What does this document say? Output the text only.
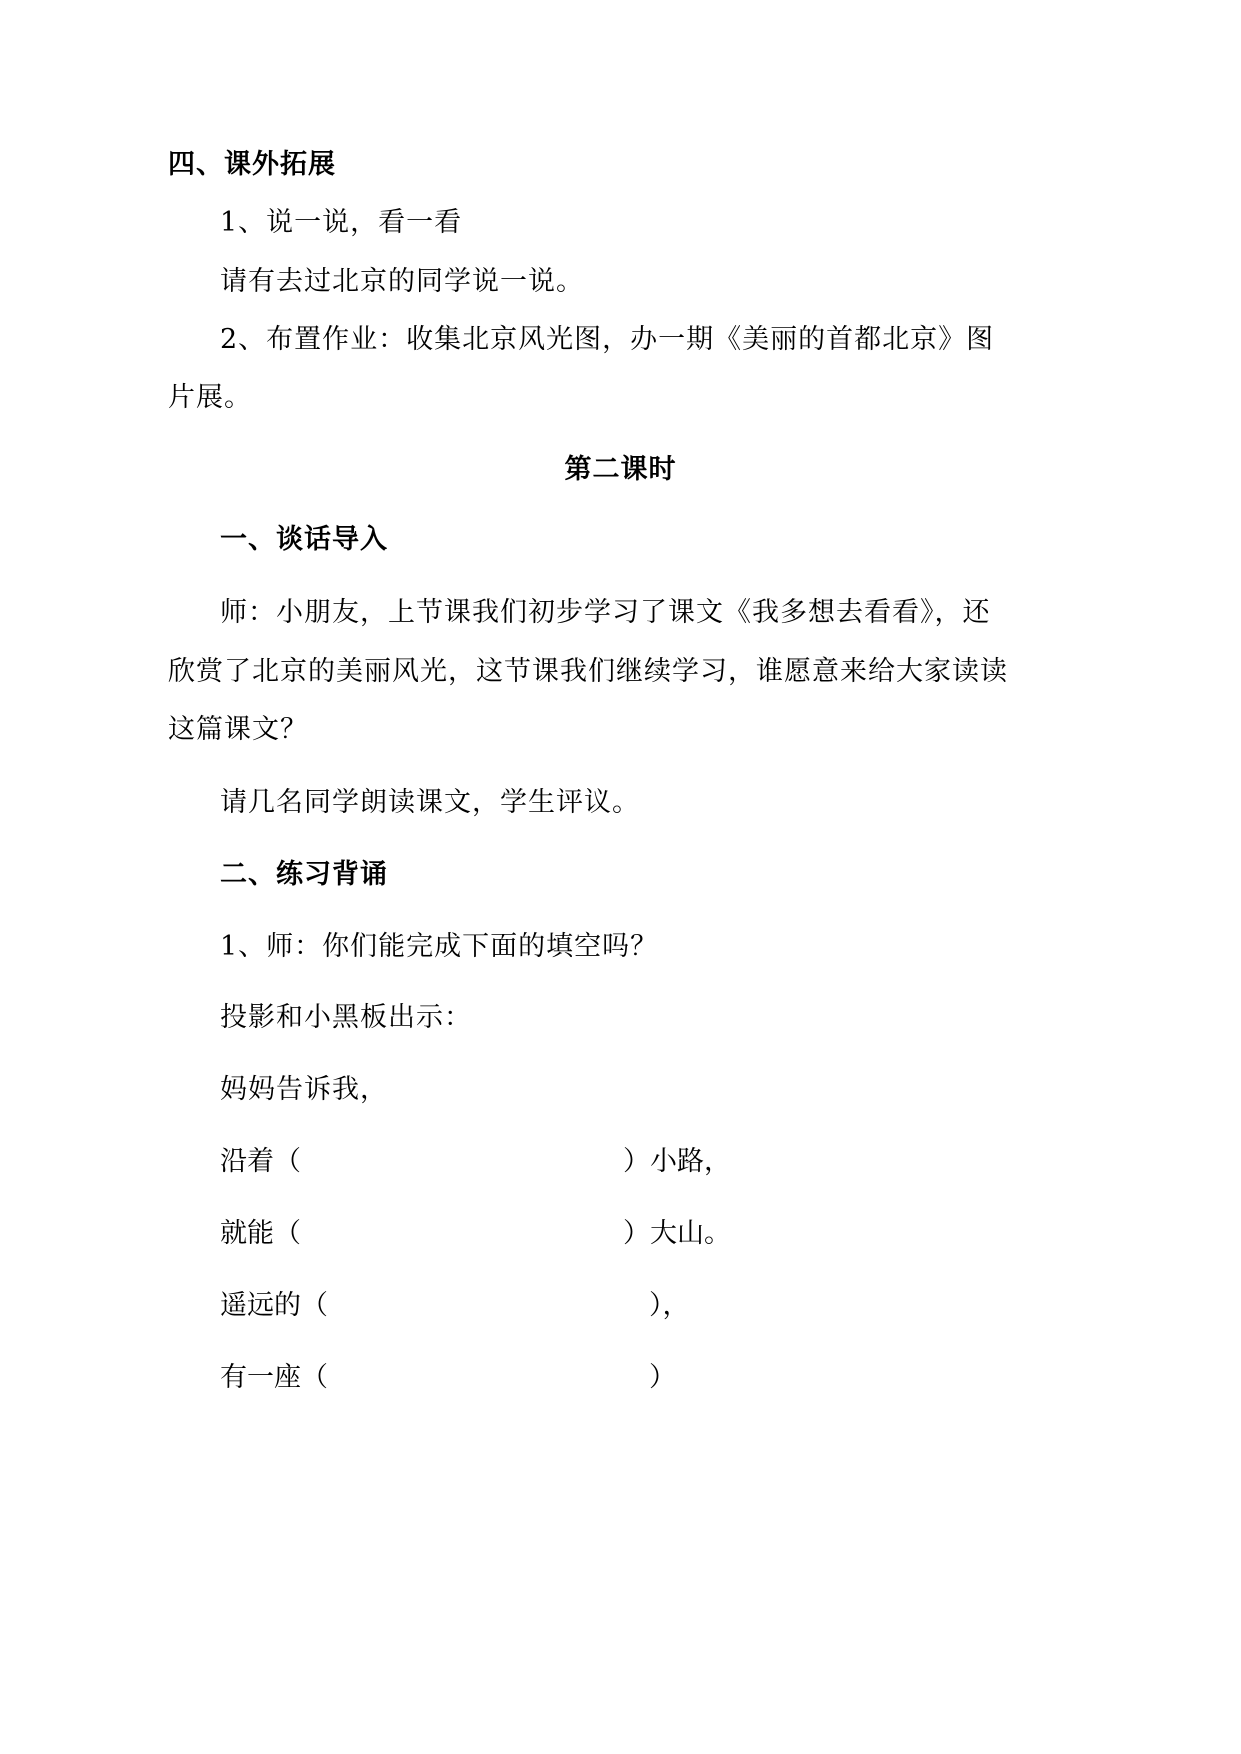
四、课外拓展
1、说一说，看一看
请有去过北京的同学说一说。
2、布置作业：收集北京风光图，办一期《美丽的首都北京》图
片展。
第二课时
一、谈话导入
师：小朋友，上节课我们初步学习了课文《我多想去看看》，还
欣赏了北京的美丽风光，这节课我们继续学习，谁愿意来给大家读读
这篇课文？
请几名同学朗读课文，学生评议。
二、练习背诵
1、师：你们能完成下面的填空吗？
投影和小黑板出示：
妈妈告诉我，
沿着（	）小路，
就能（	）大山。
遥远的（	），
有一座（	）
